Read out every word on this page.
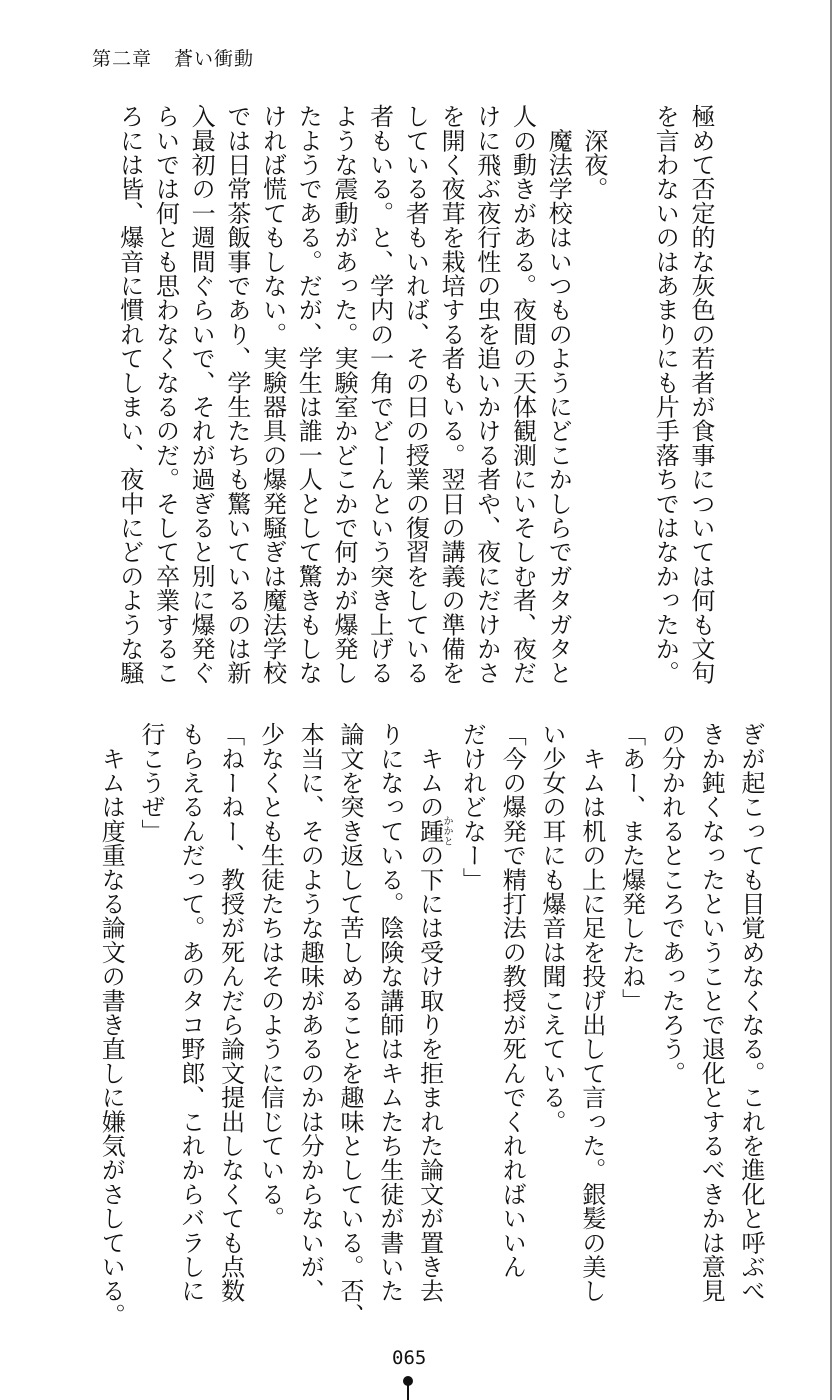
第二章 蒼い衝動
極めて否定的な灰色の若者が食事については何も文句
を言わないのはあまりにも片手落ちではなかったか。

　深夜。
　魔法学校はいつものようにどこかしらでガタガタと
人の動きがある。夜間の天体観測にいそしむ者、夜だ
けに飛ぶ夜行性の虫を追いかける者や、夜にだけかさ
を開く夜茸を栽培する者もいる。翌日の講義の準備を
している者もいれば、その日の授業の復習をしている
者もいる。と、学内の一角でどーんという突き上げる
ような震動があった。実験室かどこかで何かが爆発し
たようである。だが、学生は誰一人として驚きもしな
ければ慌てもしない。実験器具の爆発騒ぎは魔法学校
では日常茶飯事であり、学生たちも驚いているのは新
入最初の一週間ぐらいで、それが過ぎると別に爆発ぐ
らいでは何とも思わなくなるのだ。そして卒業するこ
ろには皆、爆音に慣れてしまい、夜中にどのような騒
ぎが起こっても目覚めなくなる。これを進化と呼ぶべ
きか鈍くなったということで退化とするべきかは意見
の分かれるところであったろう。
「あー、また爆発したね」
　キムは机の上に足を投げ出して言った。銀髪の美し
い少女の耳にも爆音は聞こえている。
「今の爆発で精打法の教授が死んでくれればいいん
だけれどなー」
　キムの踵かかとの下には受け取りを拒まれた論文が置き去
りになっている。陰険な講師はキムたち生徒が書いた
論文を突き返して苦しめることを趣味としている。否、
本当に、そのような趣味があるのかは分からないが、
少なくとも生徒たちはそのように信じている。
「ねーねー、教授が死んだら論文提出しなくても点数
もらえるんだって。あのタコ野郎、これからバラしに
行こうぜ」
　キムは度重なる論文の書き直しに嫌気がさしている。
065
